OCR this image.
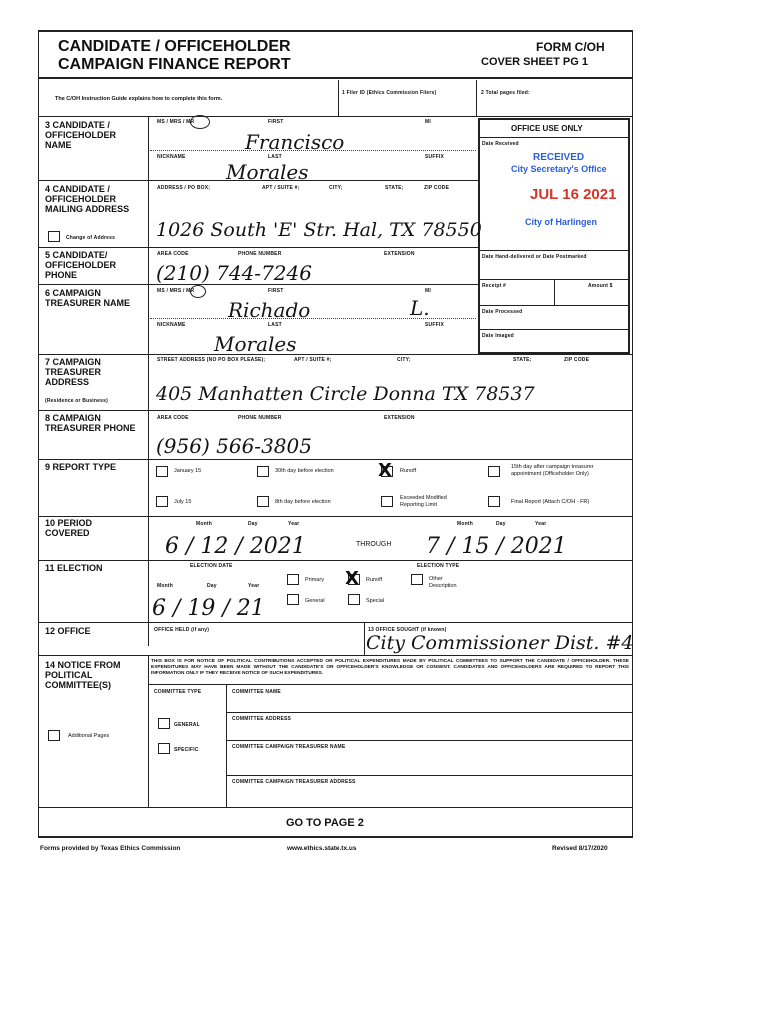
CANDIDATE / OFFICEHOLDER
CAMPAIGN FINANCE REPORT
FORM C/OH
COVER SHEET PG 1
The C/OH Instruction Guide explains how to complete this form.
1 Filer ID (Ethics Commission Filers)	2 Total pages filed:
OFFICE USE ONLY
Date Received
Date Hand-delivered or Date Postmarked
Receipt #	Amount $
Date Processed
Date Imaged
RECEIVED
City Secretary's Office
JUL 16 2021
City of Harlingen
3 CANDIDATE / OFFICEHOLDER NAME
MS / MRS / MR	FIRST	MI
Francisco
NICKNAME	LAST	SUFFIX
Morales
4 CANDIDATE / OFFICEHOLDER MAILING ADDRESS
Change of Address
ADDRESS / PO BOX;	APT / SUITE #;	CITY;	STATE;	ZIP CODE
1026 South 'E' Str. Hal, TX 78550
5 CANDIDATE/ OFFICEHOLDER PHONE
AREA CODE	PHONE NUMBER	EXTENSION
(210) 744-7246
6 CAMPAIGN TREASURER NAME
MS / MRS / MR	FIRST	MI
Richado	L.
NICKNAME	LAST	SUFFIX
Morales
7 CAMPAIGN TREASURER ADDRESS
(Residence or Business)
STREET ADDRESS (NO PO BOX PLEASE);	APT / SUITE #;	CITY;	STATE;	ZIP CODE
405 Manhatten Circle Donna TX 78537
8 CAMPAIGN TREASURER PHONE
AREA CODE	PHONE NUMBER	EXTENSION
(956) 566-3805
9 REPORT TYPE	January 15	30th day before election X Runoff
15th day after campaign treasurer appointment (Officeholder Only)
July 15	8th day before election
Exceeded Modified Reporting Limit	Final Report (Attach C/OH - FR)
10 PERIOD COVERED
Month	Day	Year	Month	Day	Year
6 / 12 / 2021	THROUGH 7 / 15 / 2021
11 ELECTION	ELECTION DATE	ELECTION TYPE
Month	Day	Year
6 / 19 / 21
Primary X Runoff	Other Description
General	Special
12 OFFICE	OFFICE HELD (if any)	13 OFFICE SOUGHT (if known)
City Commissioner Dist. #4
14 NOTICE FROM POLITICAL COMMITTEE(S)
Additional Pages
THIS BOX IS FOR NOTICE OF POLITICAL CONTRIBUTIONS ACCEPTED OR POLITICAL EXPENDITURES MADE BY POLITICAL COMMITTEES TO SUPPORT THE CANDIDATE / OFFICEHOLDER. THESE EXPENDITURES MAY HAVE BEEN MADE WITHOUT THE CANDIDATE'S OR OFFICEHOLDER'S KNOWLEDGE OR CONSENT. CANDIDATES AND OFFICEHOLDERS ARE REQUIRED TO REPORT THIS INFORMATION ONLY IF THEY RECEIVE NOTICE OF SUCH EXPENDITURES.
COMMITTEE TYPE	COMMITTEE NAME
GENERAL
COMMITTEE ADDRESS
SPECIFIC	COMMITTEE CAMPAIGN TREASURER NAME
COMMITTEE CAMPAIGN TREASURER ADDRESS
GO TO PAGE 2
Forms provided by Texas Ethics Commission	www.ethics.state.tx.us	Revised 8/17/2020
